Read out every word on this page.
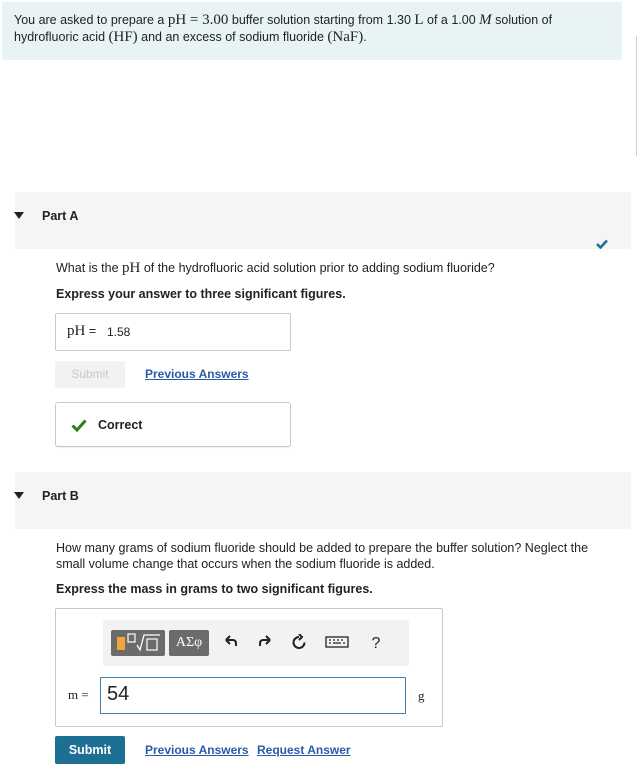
You are asked to prepare a pH = 3.00 buffer solution starting from 1.30 L of a 1.00 M solution of
hydrofluoric acid (HF) and an excess of sodium fluoride (NaF).
Part A
What is the pH of the hydrofluoric acid solution prior to adding sodium fluoride?
Express your answer to three significant figures.
pH = 1.58
Submit	Previous Answers
Correct
Part B
How many grams of sodium fluoride should be added to prepare the buffer solution? Neglect the
small volume change that occurs when the sodium fluoride is added.
Express the mass in grams to two significant figures.
ΑΣφ	?
m = 54	g
Submit	Previous Answers Request Answer
